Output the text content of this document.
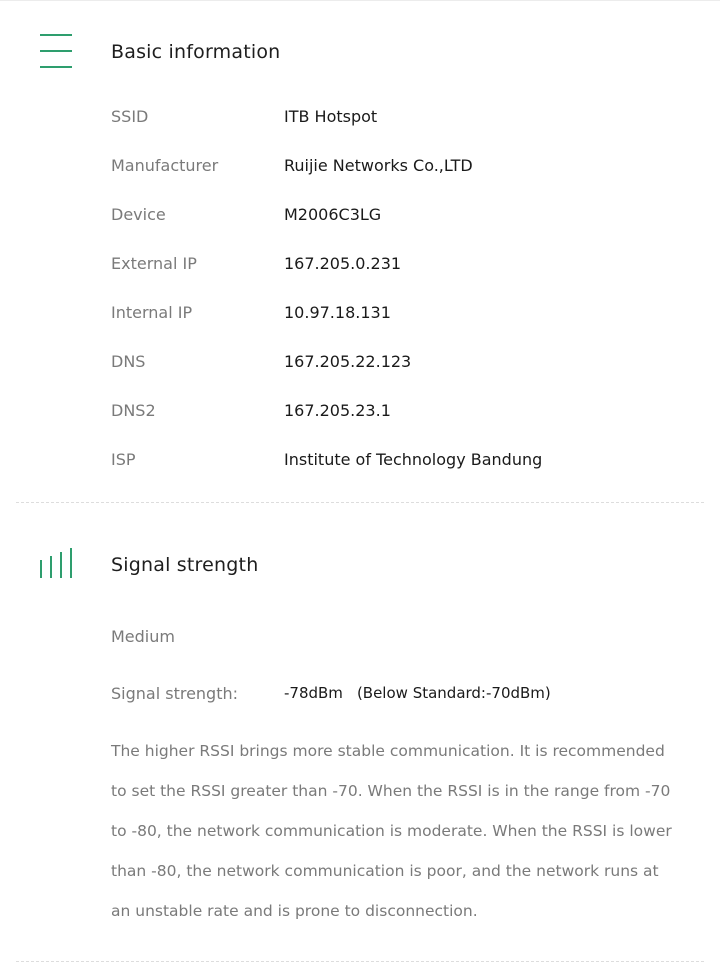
Basic information
SSID	ITB Hotspot
Manufacturer	Ruijie Networks Co.,LTD
Device	M2006C3LG
External IP	167.205.0.231
Internal IP	10.97.18.131
DNS	167.205.22.123
DNS2	167.205.23.1
ISP	Institute of Technology Bandung
Signal strength
Medium
Signal strength:	-78dBm (Below Standard:-70dBm)

The higher RSSI brings more stable communication. It is recommended to set the RSSI greater than -70. When the RSSI is in the range from -70 to -80, the network communication is moderate. When the RSSI is lower than -80, the network communication is poor, and the network runs at an unstable rate and is prone to disconnection.
